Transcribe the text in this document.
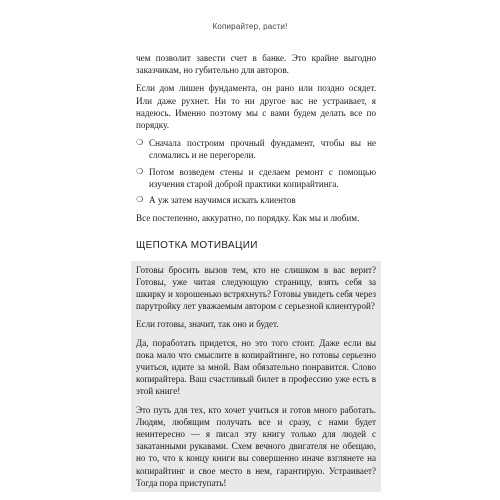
Копирайтер, расти!

чем позволит завести счет в банке. Это крайне выгодно заказчикам, но губительно для авторов.

Если дом лишен фундамента, он рано или поздно осядет. Или даже рухнет. Ни то ни другое вас не устраивает, я надеюсь. Именно поэтому мы с вами будем делать все по порядку.

❍ Сначала построим прочный фундамент, чтобы вы не сломались и не перегорели.
❍ Потом возведем стены и сделаем ремонт с помощью изучения старой доброй практики копирайтинга.
❍ А уж затем научимся искать клиентов

Все постепенно, аккуратно, по порядку. Как мы и любим.

ЩЕПОТКА МОТИВАЦИИ

Готовы бросить вызов тем, кто не слишком в вас верит? Готовы, уже читая следующую страницу, взять себя за шкирку и хорошенько встряхнуть? Готовы увидеть себя через парутройку лет уважаемым автором с серьезной клиентурой?

Если готовы, значит, так оно и будет.

Да, поработать придется, но это того стоит. Даже если вы пока мало что смыслите в копирайтинге, но готовы серьезно учиться, идите за мной. Вам обязательно понравится. Слово копирайтера. Ваш счастливый билет в профессию уже есть в этой книге!

Это путь для тех, кто хочет учиться и готов много работать. Людям, любящим получать все и сразу, с нами будет неинтересно — я писал эту книгу только для людей с закатанными рукавами. Схем вечного двигателя не обещаю, но то, что к концу книги вы совершенно иначе взглянете на копирайтинг и свое место в нем, гарантирую. Устраивает? Тогда пора приступать!
